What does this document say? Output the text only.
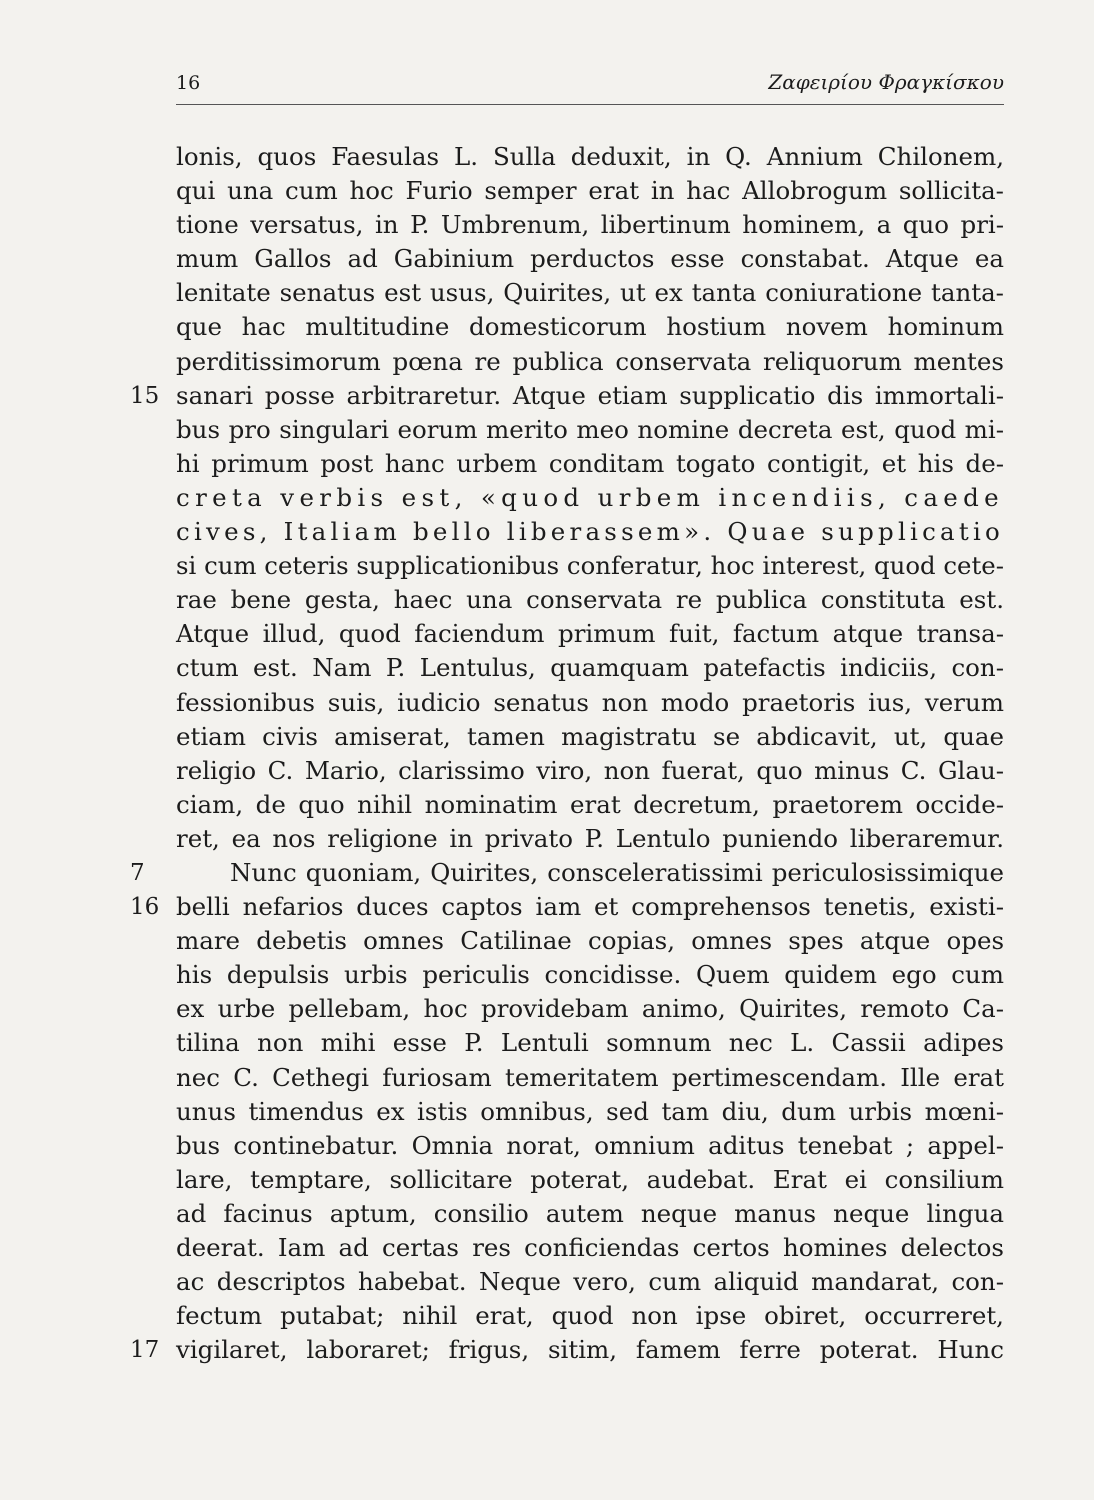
16	Ζαφειρίου Φραγκίσκου
lonis, quos Faesulas L. Sulla deduxit, in Q. Annium Chilonem,
qui una cum hoc Furio semper erat in hac Allobrogum sollicita-
tione versatus, in P. Umbrenum, libertinum hominem, a quo pri-
mum Gallos ad Gabinium perductos esse constabat. Atque ea
lenitate senatus est usus, Quirites, ut ex tanta coniuratione tanta-
que hac multitudine domesticorum hostium novem hominum
perditissimorum pœna re publica conservata reliquorum mentes
15 sanari posse arbitraretur. Atque etiam supplicatio dis immortali-
bus pro singulari eorum merito meo nomine decreta est, quod mi-
hi primum post hanc urbem conditam togato contigit, et his de-
creta verbis est, «quod urbem incendiis, caede
cives, Italiam bello liberassem». Quae supplicatio
si cum ceteris supplicationibus conferatur, hoc interest, quod cete-
rae bene gesta, haec una conservata re publica constituta est.
Atque illud, quod faciendum primum fuit, factum atque transa-
ctum est. Nam P. Lentulus, quamquam patefactis indiciis, con-
fessionibus suis, iudicio senatus non modo praetoris ius, verum
etiam civis amiserat, tamen magistratu se abdicavit, ut, quae
religio C. Mario, clarissimo viro, non fuerat, quo minus C. Glau-
ciam, de quo nihil nominatim erat decretum, praetorem occide-
ret, ea nos religione in privato P. Lentulo puniendo liberaremur.
7	Nunc quoniam, Quirites, consceleratissimi periculosissimique
16 belli nefarios duces captos iam et comprehensos tenetis, existi-
mare debetis omnes Catilinae copias, omnes spes atque opes
his depulsis urbis periculis concidisse. Quem quidem ego cum
ex urbe pellebam, hoc providebam animo, Quirites, remoto Ca-
tilina non mihi esse P. Lentuli somnum nec L. Cassii adipes
nec C. Cethegi furiosam temeritatem pertimescendam. Ille erat
unus timendus ex istis omnibus, sed tam diu, dum urbis mœni-
bus continebatur. Omnia norat, omnium aditus tenebat ; appel-
lare, temptare, sollicitare poterat, audebat. Erat ei consilium
ad facinus aptum, consilio autem neque manus neque lingua
deerat. Iam ad certas res conficiendas certos homines delectos
ac descriptos habebat. Neque vero, cum aliquid mandarat, con-
fectum putabat; nihil erat, quod non ipse obiret, occurreret,
17 vigilaret, laboraret; frigus, sitim, famem ferre poterat. Hunc
